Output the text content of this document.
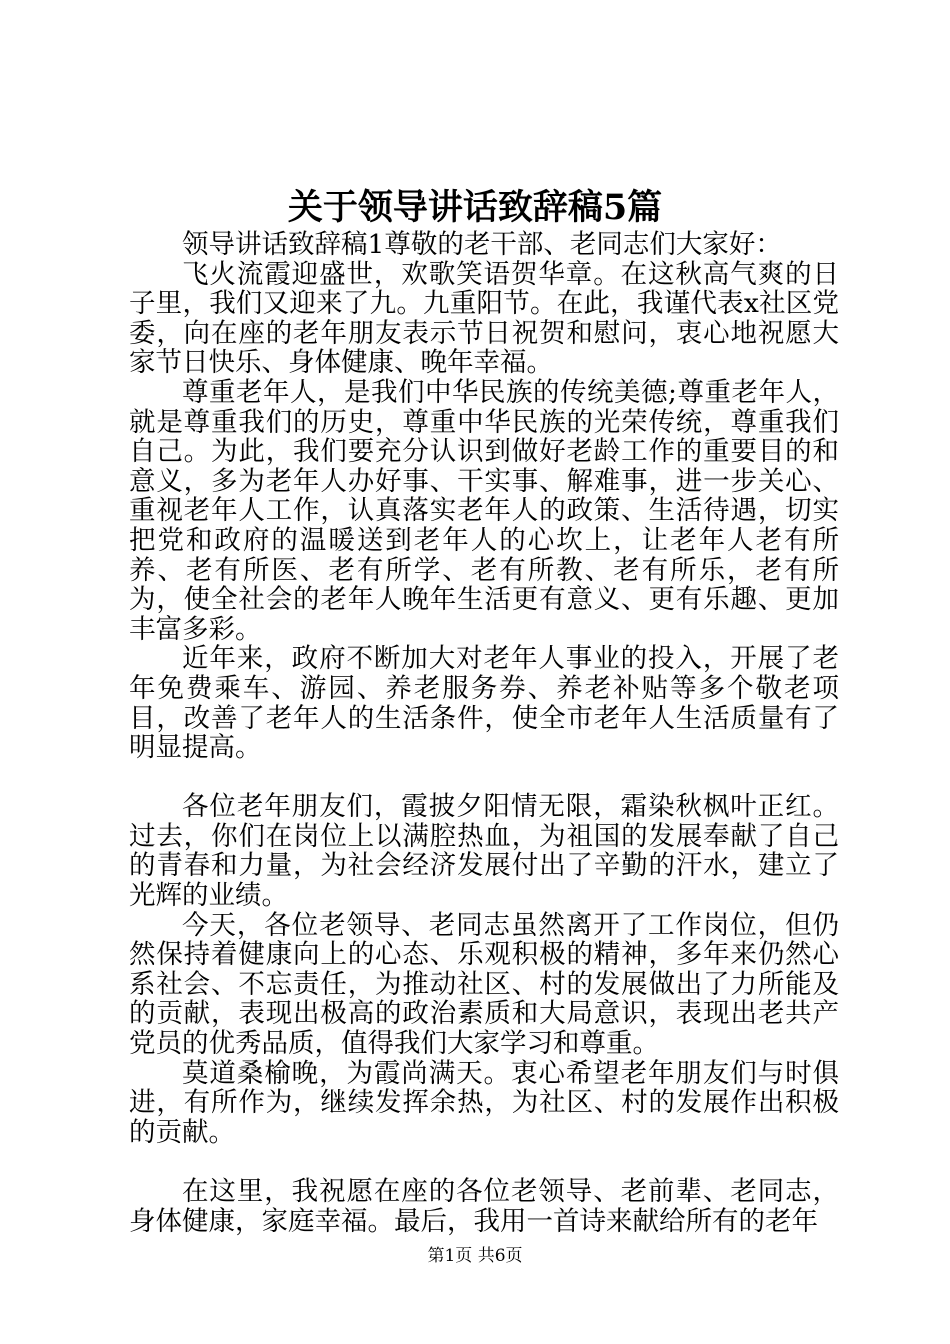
关于领导讲话致辞稿5篇

领导讲话致辞稿1尊敬的老干部、老同志们大家好：

飞火流霞迎盛世，欢歌笑语贺华章。在这秋高气爽的日子里，我们又迎来了九。九重阳节。在此，我谨代表x社区党委，向在座的老年朋友表示节日祝贺和慰问，衷心地祝愿大家节日快乐、身体健康、晚年幸福。

尊重老年人，是我们中华民族的传统美德;尊重老年人，就是尊重我们的历史，尊重中华民族的光荣传统，尊重我们自己。为此，我们要充分认识到做好老龄工作的重要目的和意义，多为老年人办好事、干实事、解难事，进一步关心、重视老年人工作，认真落实老年人的政策、生活待遇，切实把党和政府的温暖送到老年人的心坎上，让老年人老有所养、老有所医、老有所学、老有所教、老有所乐，老有所为，使全社会的老年人晚年生活更有意义、更有乐趣、更加丰富多彩。

近年来，政府不断加大对老年人事业的投入，开展了老年免费乘车、游园、养老服务券、养老补贴等多个敬老项目，改善了老年人的生活条件，使全市老年人生活质量有了明显提高。

各位老年朋友们，霞披夕阳情无限，霜染秋枫叶正红。过去，你们在岗位上以满腔热血，为祖国的发展奉献了自己的青春和力量，为社会经济发展付出了辛勤的汗水，建立了光辉的业绩。

今天，各位老领导、老同志虽然离开了工作岗位，但仍然保持着健康向上的心态、乐观积极的精神，多年来仍然心系社会、不忘责任，为推动社区、村的发展做出了力所能及的贡献，表现出极高的政治素质和大局意识，表现出老共产党员的优秀品质，值得我们大家学习和尊重。

莫道桑榆晚，为霞尚满天。衷心希望老年朋友们与时俱进，有所作为，继续发挥余热，为社区、村的发展作出积极的贡献。

在这里，我祝愿在座的各位老领导、老前辈、老同志，身体健康，家庭幸福。最后，我用一首诗来献给所有的老年

第1页 共6页
